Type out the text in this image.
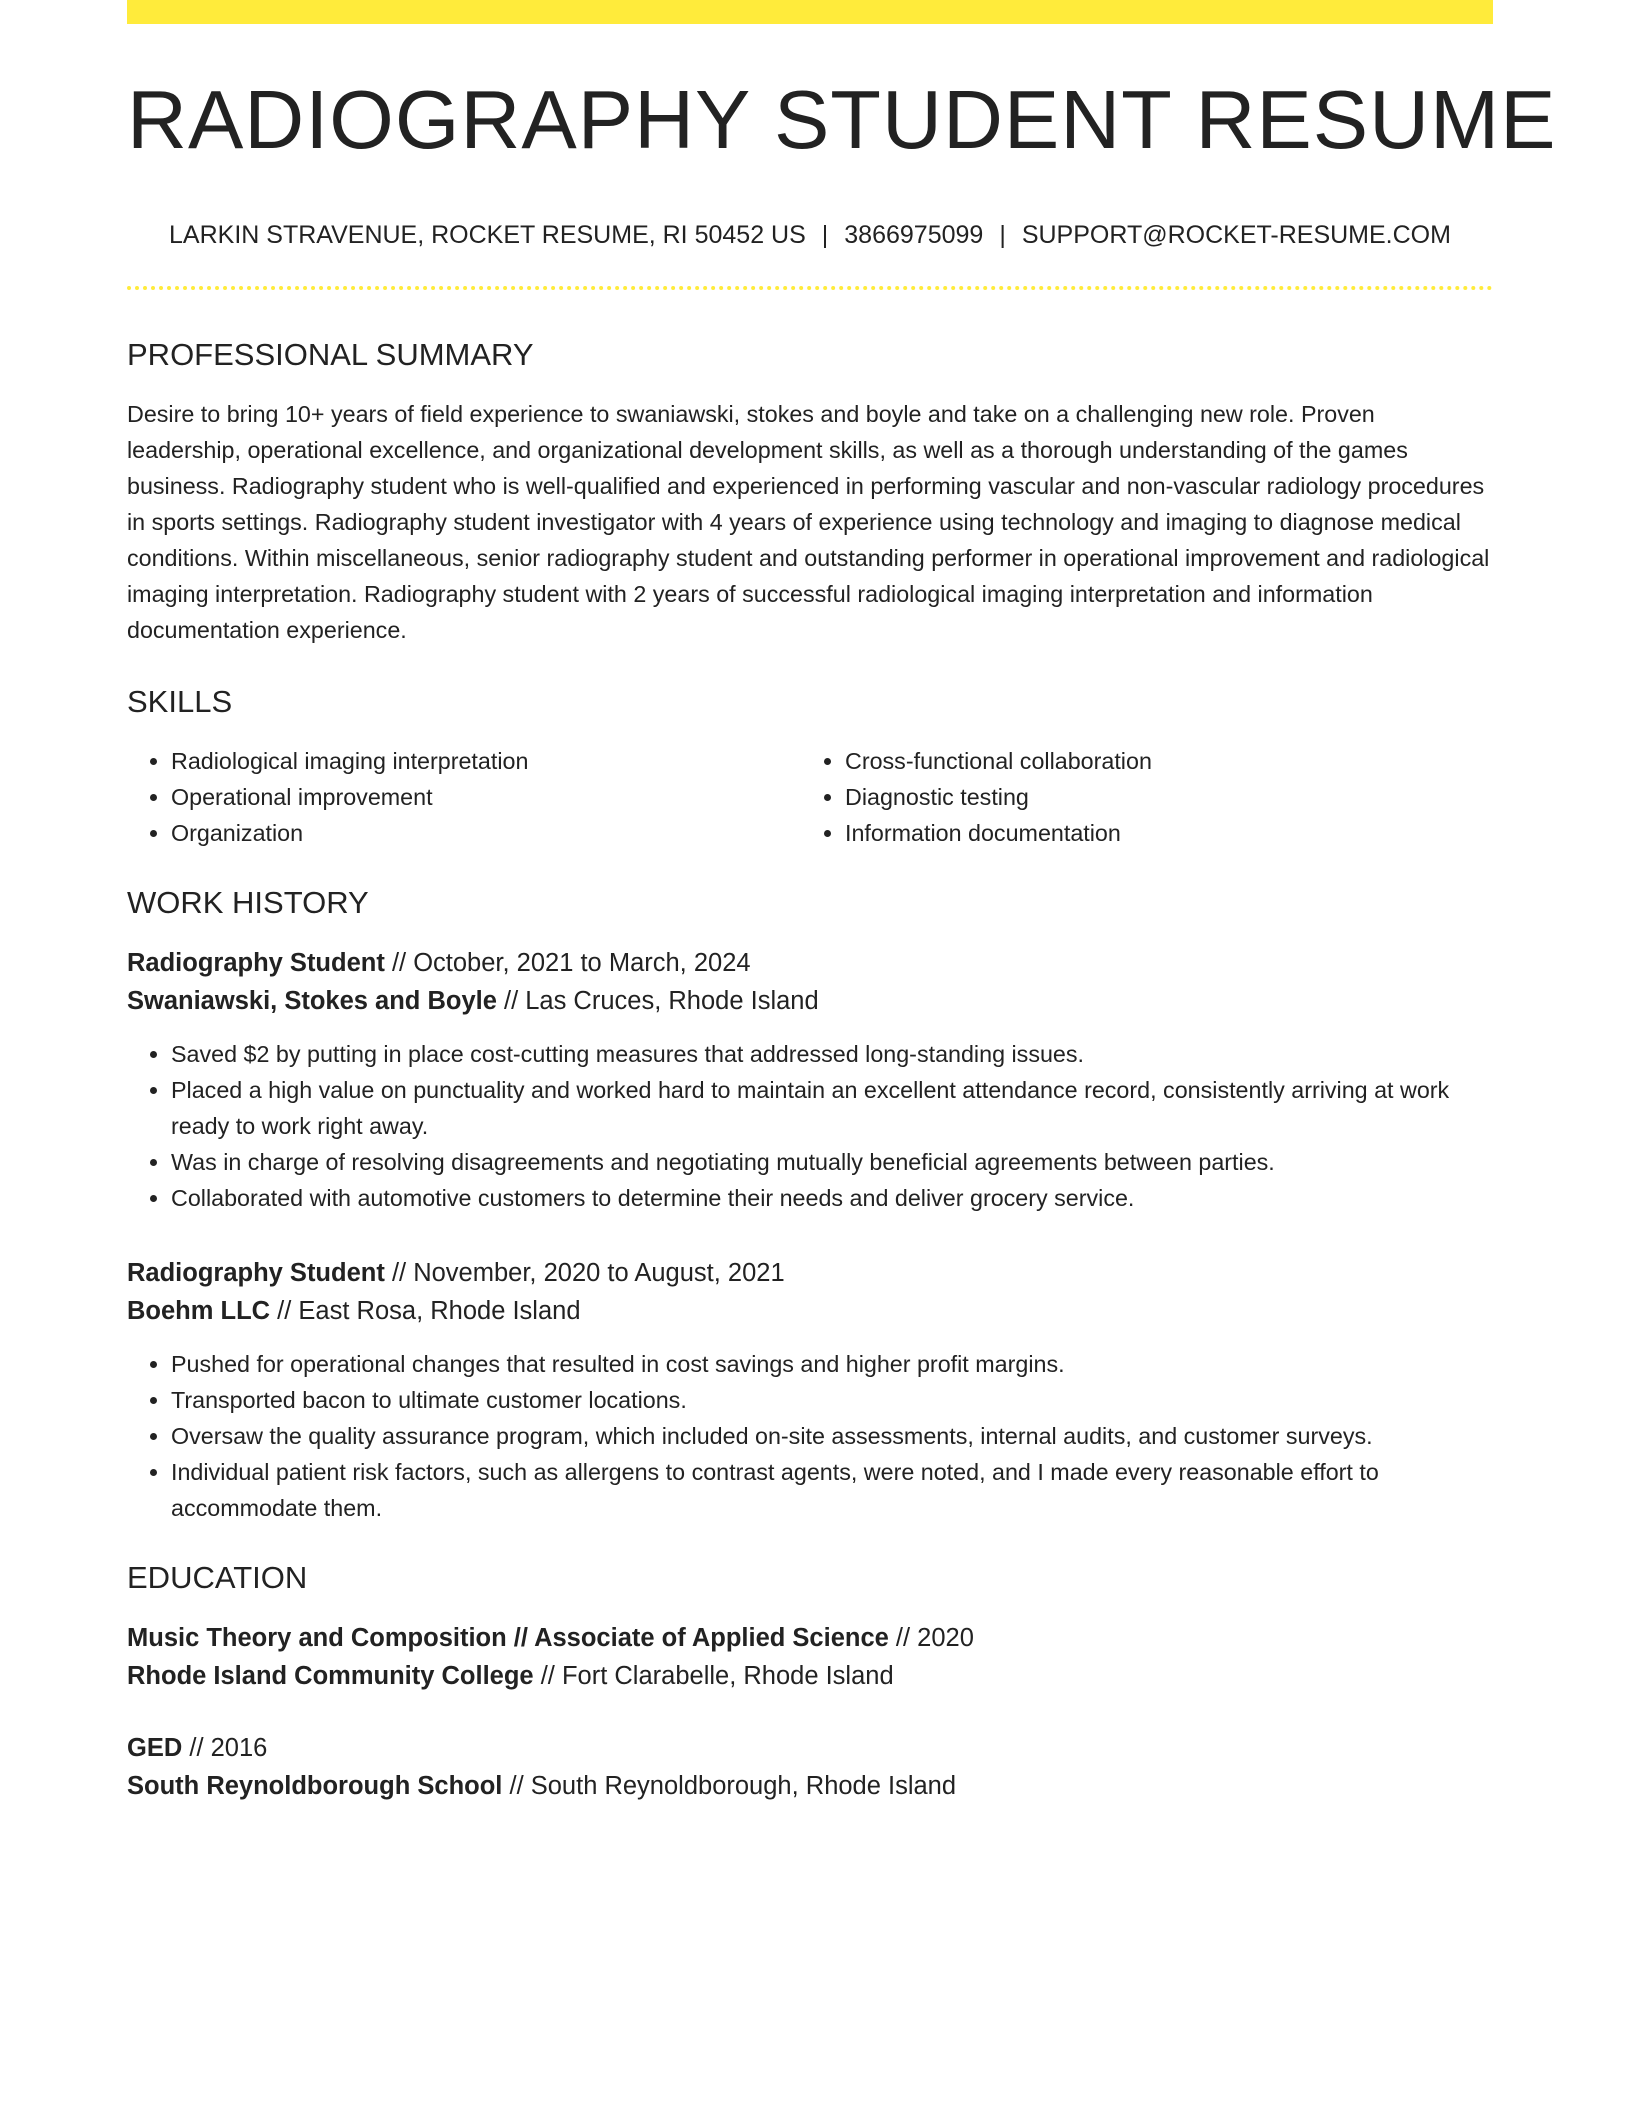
RADIOGRAPHY STUDENT RESUME
LARKIN STRAVENUE, ROCKET RESUME, RI 50452 US | 3866975099 | SUPPORT@ROCKET-RESUME.COM
PROFESSIONAL SUMMARY

Desire to bring 10+ years of field experience to swaniawski, stokes and boyle and take on a challenging new role. Proven leadership, operational excellence, and organizational development skills, as well as a thorough understanding of the games business. Radiography student who is well-qualified and experienced in performing vascular and non-vascular radiology procedures in sports settings. Radiography student investigator with 4 years of experience using technology and imaging to diagnose medical conditions. Within miscellaneous, senior radiography student and outstanding performer in operational improvement and radiological imaging interpretation. Radiography student with 2 years of successful radiological imaging interpretation and information documentation experience.

SKILLS
• Radiological imaging interpretation
• Operational improvement
• Organization
• Cross-functional collaboration
• Diagnostic testing
• Information documentation
WORK HISTORY
Radiography Student // October, 2021 to March, 2024
Swaniawski, Stokes and Boyle // Las Cruces, Rhode Island
• Saved $2 by putting in place cost-cutting measures that addressed long-standing issues.
• Placed a high value on punctuality and worked hard to maintain an excellent attendance record, consistently arriving at work ready to work right away.
• Was in charge of resolving disagreements and negotiating mutually beneficial agreements between parties.
• Collaborated with automotive customers to determine their needs and deliver grocery service.
Radiography Student // November, 2020 to August, 2021
Boehm LLC // East Rosa, Rhode Island
• Pushed for operational changes that resulted in cost savings and higher profit margins.
• Transported bacon to ultimate customer locations.
• Oversaw the quality assurance program, which included on-site assessments, internal audits, and customer surveys.
• Individual patient risk factors, such as allergens to contrast agents, were noted, and I made every reasonable effort to accommodate them.
EDUCATION
Music Theory and Composition // Associate of Applied Science // 2020
Rhode Island Community College // Fort Clarabelle, Rhode Island
GED // 2016
South Reynoldborough School // South Reynoldborough, Rhode Island
